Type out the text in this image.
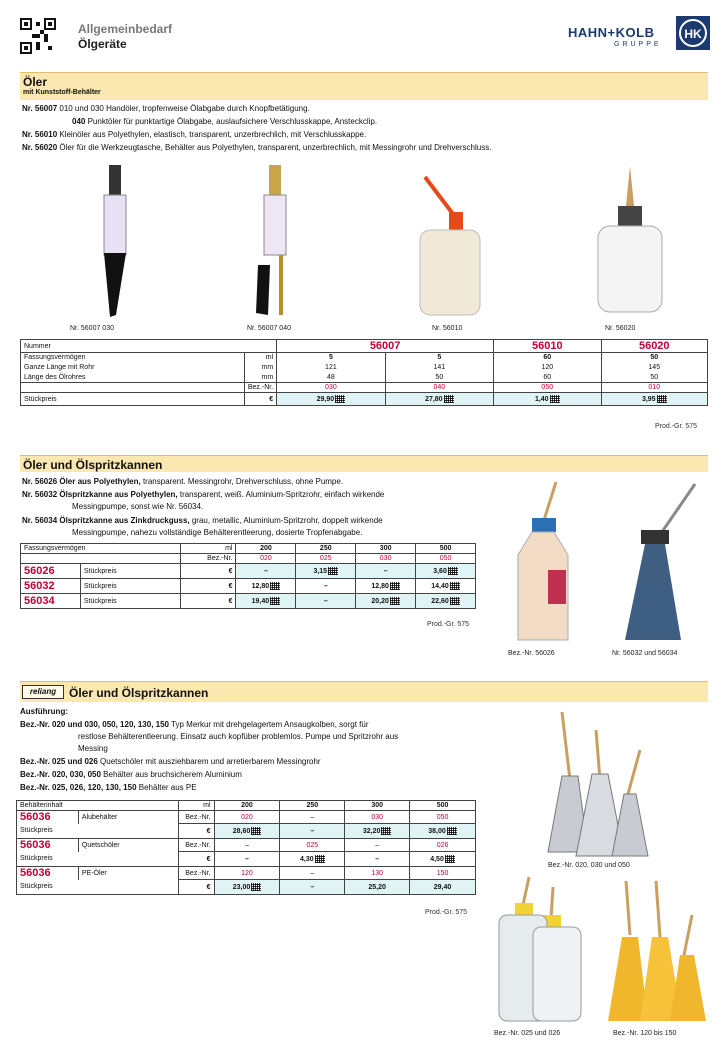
Allgemeinbedarf
Ölgeräte
HAHN+KOLB
GRUPPE
HK
Öler
mit Kunststoff-Behälter
Nr. 56007 010 und 030 Handöler, tropfenweise Ölabgabe durch Knopfbetätigung.
040 Punktöler für punktartige Ölabgabe, auslaufsichere Verschlusskappe, Ansteckclip.
Nr. 56010 Kleinöler aus Polyethylen, elastisch, transparent, unzerbrechlich, mit Verschlusskappe.
Nr. 56020 Öler für die Werkzeugtasche, Behälter aus Polyethylen, transparent, unzerbrechlich, mit Messingrohr und Drehverschluss.
Nr. 56007 030	Nr. 56007 040	Nr. 56010	Nr. 56020
Nummer		56007		56010	56020
Fassungsvermögen	ml	5	5	60	50
Ganze Länge mit Rohr	mm	121	141	120	145
Länge des Ölrohres	mm	48	50	60	50
	Bez.-Nr.	030	040	050	010
Stückpreis	€	29,90	27,80	1,40	3,95
Prod.-Gr. 575
Öler und Ölspritzkannen
Nr. 56026 Öler aus Polyethylen, transparent. Messingrohr, Drehverschluss, ohne Pumpe.
Nr. 56032 Ölspritzkanne aus Polyethylen, transparent, weiß. Aluminium-Spritzrohr, einfach wirkende
Messingpumpe, sonst wie Nr. 56034.
Nr. 56034 Ölspritzkanne aus Zinkdruckguss, grau, metallic, Aluminium-Spritzrohr, doppelt wirkende
Messingpumpe, nahezu vollständige Behälterentleerung, dosierte Tropfenabgabe.
Fassungsvermögen		ml	200	250	300	500
		Bez.-Nr.	020	025	030	050
56026	Stückpreis	€	–	3,15	–	3,60
56032	Stückpreis	€	12,80	–	12,80	14,40
56034	Stückpreis	€	19,40	–	20,20	22,60
Prod.-Gr. 575
Bez.-Nr. 56026	Nr. 56032 und 56034
reliang	Öler und Ölspritzkannen
Ausführung:
Bez.-Nr. 020 und 030, 050, 120, 130, 150 Typ Merkur mit drehgelagertem Ansaugkolben, sorgt für
restlose Behälterentleerung. Einsatz auch kopfüber problemlos. Pumpe und Spritzrohr aus
Messing
Bez.-Nr. 025 und 026 Quetschöler mit ausziehbarem und arretierbarem Messingrohr
Bez.-Nr. 020, 030, 050 Behälter aus bruchsicherem Aluminium
Bez.-Nr. 025, 026, 120, 130, 150 Behälter aus PE
Behälterinhalt		ml	200	250	300	500
56036	Alubehälter	Bez.-Nr.	020	–	030	050
Stückpreis		€	28,60	–	32,20	38,00
56036	Quetschöler	Bez.-Nr.	–	025	–	026
Stückpreis		€	–	4,30	–	4,50
56036	PE-Öler	Bez.-Nr.	120	–	130	150
Stückpreis		€	23,00	–	25,20	29,40
Prod.-Gr. 575
Bez.-Nr. 020, 030 und 050
Bez.-Nr. 025 und 026	Bez.-Nr. 120 bis 150
